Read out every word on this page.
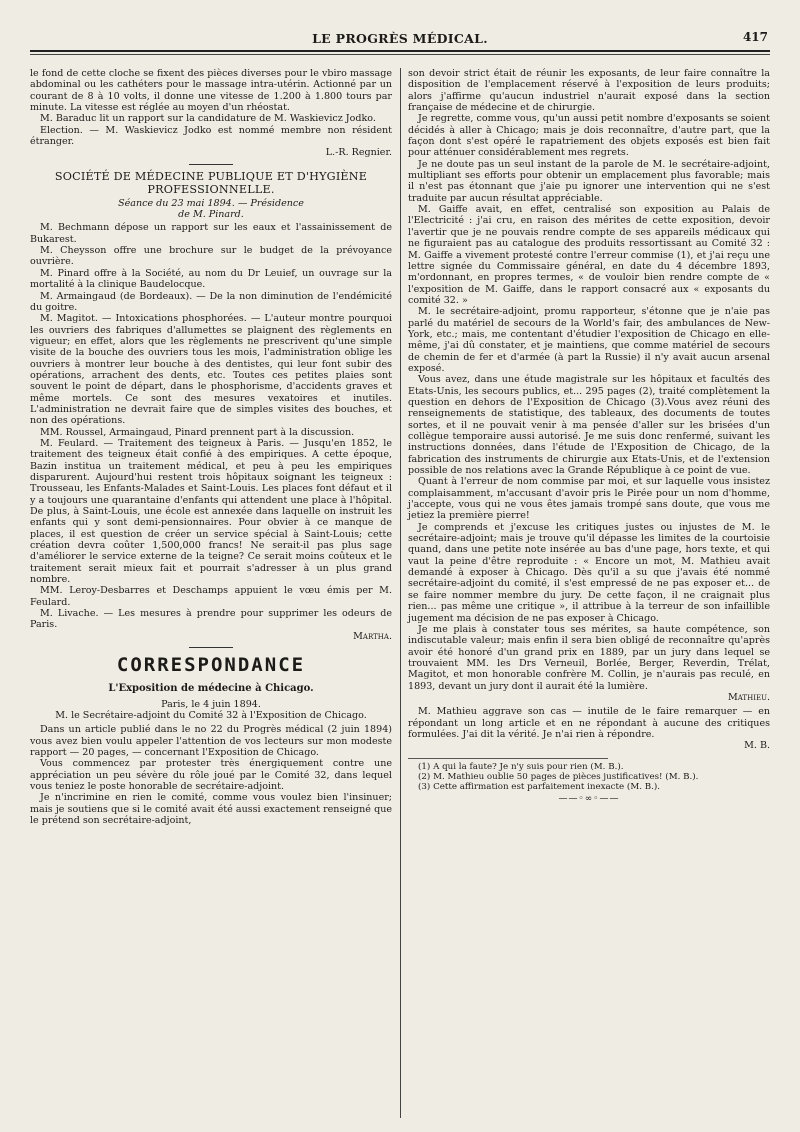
LE PROGRÈS MÉDICAL.	417

le fond de cette cloche se fixent des pièces diverses pour le vbiro massage abdominal ou les cathéters pour le massage intra-utérin. Actionné par un courant de 8 à 10 volts, il donne une vitesse de 1.200 à 1.800 tours par minute. La vitesse est réglée au moyen d'un rhéostat.

M. Baraduc lit un rapport sur la candidature de M. Waskievicz Jodko.

Election. — M. Waskievicz Jodko est nommé membre non résident étranger.

L.-R. Regnier.
SOCIÉTÉ DE MÉDECINE PUBLIQUE ET D'HYGIÈNE PROFESSIONNELLE.
Séance du 23 mai 1894. — Présidence
de M. Pinard.

M. Bechmann dépose un rapport sur les eaux et l'assainissement de Bukarest.

M. Cheysson offre une brochure sur le budget de la prévoyance ouvrière.

M. Pinard offre à la Société, au nom du Dr Leuief, un ouvrage sur la mortalité à la clinique Baudelocque.

M. Armaingaud (de Bordeaux). — De la non diminution de l'endémicité du goitre.

M. Magitot. — Intoxications phosphorées. — L'auteur montre pourquoi les ouvriers des fabriques d'allumettes se plaignent des règlements en vigueur; en effet, alors que les règlements ne prescrivent qu'une simple visite de la bouche des ouvriers tous les mois, l'administration oblige les ouvriers à montrer leur bouche à des dentistes, qui leur font subir des opérations, arrachent des dents, etc. Toutes ces petites plaies sont souvent le point de départ, dans le phosphorisme, d'accidents graves et même mortels. Ce sont des mesures vexatoires et inutiles. L'administration ne devrait faire que de simples visites des bouches, et non des opérations.

MM. Roussel, Armaingaud, Pinard prennent part à la discussion.

M. Feulard. — Traitement des teigneux à Paris. — Jusqu'en 1852, le traitement des teigneux était confié à des empiriques. A cette époque, Bazin institua un traitement médical, et peu à peu les empiriques disparurent. Aujourd'hui restent trois hôpitaux soignant les teigneux : Trousseau, les Enfants-Malades et Saint-Louis. Les places font défaut et il y a toujours une quarantaine d'enfants qui attendent une place à l'hôpital. De plus, à Saint-Louis, une école est annexée dans laquelle on instruit les enfants qui y sont demi-pensionnaires. Pour obvier à ce manque de places, il est question de créer un service spécial à Saint-Louis; cette création devra coûter 1,500,000 francs! Ne serait-il pas plus sage d'améliorer le service externe de la teigne? Ce serait moins coûteux et le traitement serait mieux fait et pourrait s'adresser à un plus grand nombre.

MM. Leroy-Desbarres et Deschamps appuient le vœu émis per M. Feulard.

M. Livache. — Les mesures à prendre pour supprimer les odeurs de Paris.

Martha.
CORRESPONDANCE
L'Exposition de médecine à Chicago.
Paris, le 4 juin 1894.
M. le Secrétaire-adjoint du Comité 32 à l'Exposition de Chicago.

Dans un article publié dans le no 22 du Progrès médical (2 juin 1894) vous avez bien voulu appeler l'attention de vos lecteurs sur mon modeste rapport — 20 pages, — concernant l'Exposition de Chicago.

Vous commencez par protester très énergiquement contre une appréciation un peu sévère du rôle joué par le Comité 32, dans lequel vous teniez le poste honorable de secrétaire-adjoint.

Je n'incrimine en rien le comité, comme vous voulez bien l'insinuer; mais je soutiens que si le comité avait été aussi exactement renseigné que le prétend son secrétaire-adjoint,

son devoir strict était de réunir les exposants, de leur faire connaître la disposition de l'emplacement réservé à l'exposition de leurs produits; alors j'affirme qu'aucun industriel n'aurait exposé dans la section française de médecine et de chirurgie.

Je regrette, comme vous, qu'un aussi petit nombre d'exposants se soient décidés à aller à Chicago; mais je dois reconnaître, d'autre part, que la façon dont s'est opéré le rapatriement des objets exposés est bien fait pour atténuer considérablement mes regrets.

Je ne doute pas un seul instant de la parole de M. le secrétaire-adjoint, multipliant ses efforts pour obtenir un emplacement plus favorable; mais il n'est pas étonnant que j'aie pu ignorer une intervention qui ne s'est traduite par aucun résultat appréciable.

M. Gaiffe avait, en effet, centralisé son exposition au Palais de l'Electricité : j'ai cru, en raison des mérites de cette exposition, devoir l'avertir que je ne pouvais rendre compte de ses appareils médicaux qui ne figuraient pas au catalogue des produits ressortissant au Comité 32 : M. Gaiffe a vivement protesté contre l'erreur commise (1), et j'ai reçu une lettre signée du Commissaire général, en date du 4 décembre 1893, m'ordonnant, en propres termes, « de vouloir bien rendre compte de « l'exposition de M. Gaiffe, dans le rapport consacré aux « exposants du comité 32. »

M. le secrétaire-adjoint, promu rapporteur, s'étonne que je n'aie pas parlé du matériel de secours de la World's fair, des ambulances de New-York, etc.; mais, me contentant d'étudier l'exposition de Chicago en elle-même, j'ai dû constater, et je maintiens, que comme matériel de secours de chemin de fer et d'armée (à part la Russie) il n'y avait aucun arsenal exposé.

Vous avez, dans une étude magistrale sur les hôpitaux et facultés des Etats-Unis, les secours publics, et... 295 pages (2), traité complètement la question en dehors de l'Exposition de Chicago (3).Vous avez réuni des renseignements de statistique, des tableaux, des documents de toutes sortes, et il ne pouvait venir à ma pensée d'aller sur les brisées d'un collègue temporaire aussi autorisé. Je me suis donc renfermé, suivant les instructions données, dans l'étude de l'Exposition de Chicago, de la fabrication des instruments de chirurgie aux Etats-Unis, et de l'extension possible de nos relations avec la Grande République à ce point de vue.

Quant à l'erreur de nom commise par moi, et sur laquelle vous insistez complaisamment, m'accusant d'avoir pris le Pirée pour un nom d'homme, j'accepte, vous qui ne vous êtes jamais trompé sans doute, que vous me jetiez la première pierre!

Je comprends et j'excuse les critiques justes ou injustes de M. le secrétaire-adjoint; mais je trouve qu'il dépasse les limites de la courtoisie quand, dans une petite note insérée au bas d'une page, hors texte, et qui vaut la peine d'être reproduite : « Encore un mot, M. Mathieu avait demandé à exposer à Chicago. Dès qu'il a su que j'avais été nommé secrétaire-adjoint du comité, il s'est empressé de ne pas exposer et... de se faire nommer membre du jury. De cette façon, il ne craignait plus rien... pas même une critique », il attribue à la terreur de son infaillible jugement ma décision de ne pas exposer à Chicago.

Je me plais à constater tous ses mérites, sa haute compétence, son indiscutable valeur; mais enfin il sera bien obligé de reconnaître qu'après avoir été honoré d'un grand prix en 1889, par un jury dans lequel se trouvaient MM. les Drs Verneuil, Borlée, Berger, Reverdin, Trélat, Magitot, et mon honorable confrère M. Collin, je n'aurais pas reculé, en 1893, devant un jury dont il aurait été la lumière.

Mathieu.

M. Mathieu aggrave son cas — inutile de le faire remarquer — en répondant un long article et en ne répondant à aucune des critiques formulées. J'ai dit la vérité. Je n'ai rien à répondre.

M. B.
(1) A qui la faute? Je n'y suis pour rien (M. B.).
(2) M. Mathieu oublie 50 pages de pièces justificatives! (M. B.).
(3) Cette affirmation est parfaitement inexacte (M. B.).
——◦∞◦——
